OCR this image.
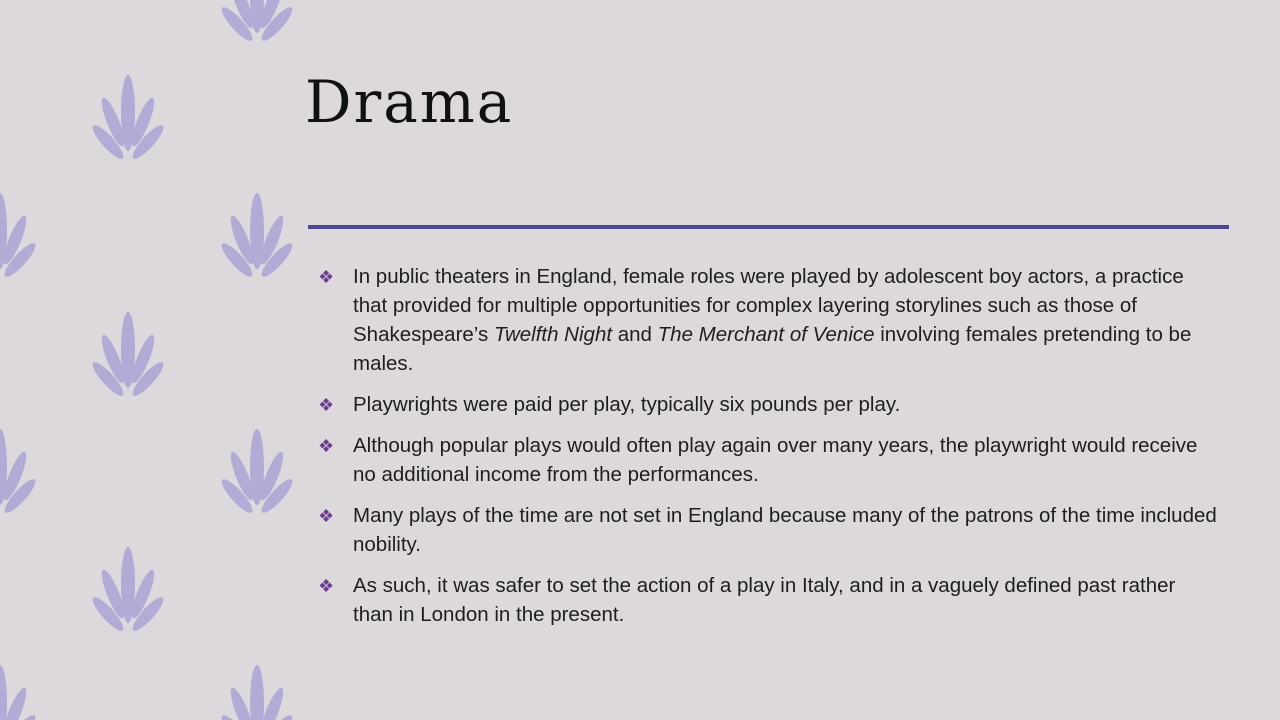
Drama
❖ In public theaters in England, female roles were played by adolescent boy actors, a practice that provided for multiple opportunities for complex layering storylines such as those of Shakespeare’s Twelfth Night and The Merchant of Venice involving females pretending to be males.
❖ Playwrights were paid per play, typically six pounds per play.
❖ Although popular plays would often play again over many years, the playwright would receive no additional income from the performances.
❖ Many plays of the time are not set in England because many of the patrons of the time included nobility.
❖ As such, it was safer to set the action of a play in Italy, and in a vaguely defined past rather than in London in the present.
